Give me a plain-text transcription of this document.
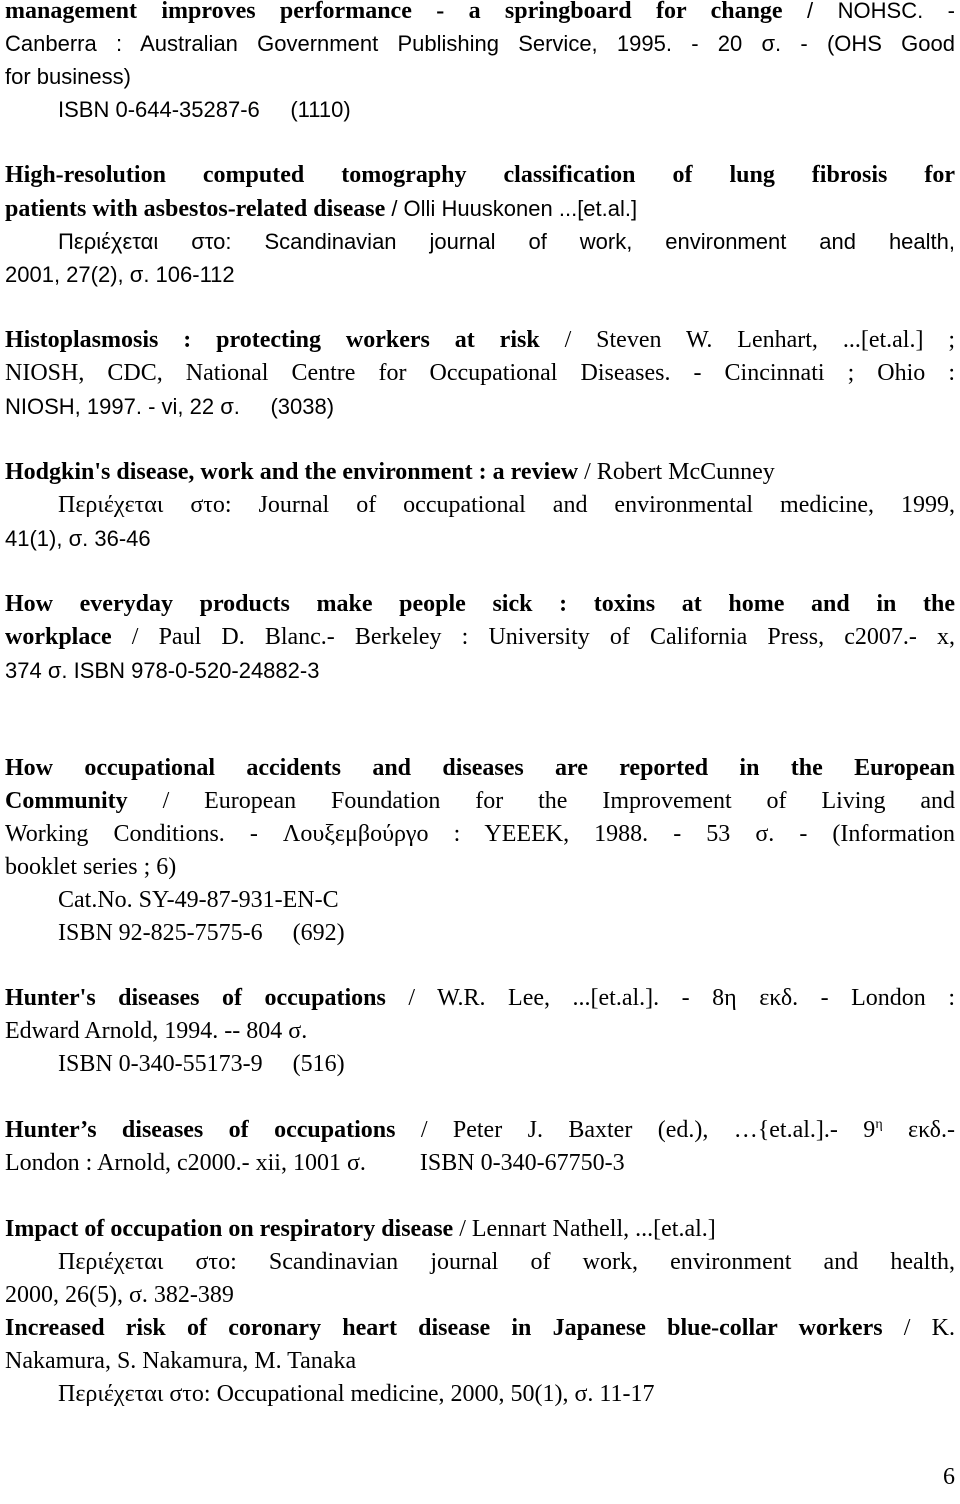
management improves performance - a springboard for change / NOHSC. -
Canberra : Australian Government Publishing Service, 1995. - 20 σ. - (OHS Good
for business)
ISBN 0-644-35287-6     (1110)
High-resolution computed tomography classification of lung fibrosis for
patients with asbestos-related disease / Olli Huuskonen ...[et.al.]
Περιέχεται στο: Scandinavian journal of work, environment and health,
2001, 27(2), σ. 106-112
Histoplasmosis : protecting workers at risk / Steven W. Lenhart, ...[et.al.] ;
NIOSH, CDC, National Centre for Occupational Diseases. - Cincinnati ; Ohio :
NIOSH, 1997. - vi, 22 σ.     (3038)
Hodgkin's disease, work and the environment : a review / Robert McCunney
Περιέχεται στο: Journal of occupational and environmental medicine, 1999,
41(1), σ. 36-46
How everyday products make people sick : toxins at home and in the
workplace / Paul D. Blanc.- Berkeley : University of California Press, c2007.- x,
374 σ. ISBN 978-0-520-24882-3
How occupational accidents and diseases are reported in the European
Community / European Foundation for the Improvement of Living and
Working Conditions. - Λουξεμβούργο : ΥΕΕΕΚ, 1988. - 53 σ. - (Information
booklet series ; 6)
Cat.No. SY-49-87-931-EN-C
ISBN 92-825-7575-6     (692)
Hunter's diseases of occupations / W.R. Lee, ...[et.al.]. - 8η εκδ. - London :
Edward Arnold, 1994. -- 804 σ.
ISBN 0-340-55173-9     (516)
Hunter’s diseases of occupations / Peter J. Baxter (ed.), …{et.al.].- $9^\eta$ εκδ.-
London : Arnold, c2000.- xii, 1001 σ.         ISBN 0-340-67750-3
Impact of occupation on respiratory disease / Lennart Nathell, ...[et.al.]
Περιέχεται στο: Scandinavian journal of work, environment and health,
2000, 26(5), σ. 382-389
Increased risk of coronary heart disease in Japanese blue-collar workers / K.
Nakamura, S. Nakamura, M. Tanaka
Περιέχεται στο: Occupational medicine, 2000, 50(1), σ. 11-17
6
